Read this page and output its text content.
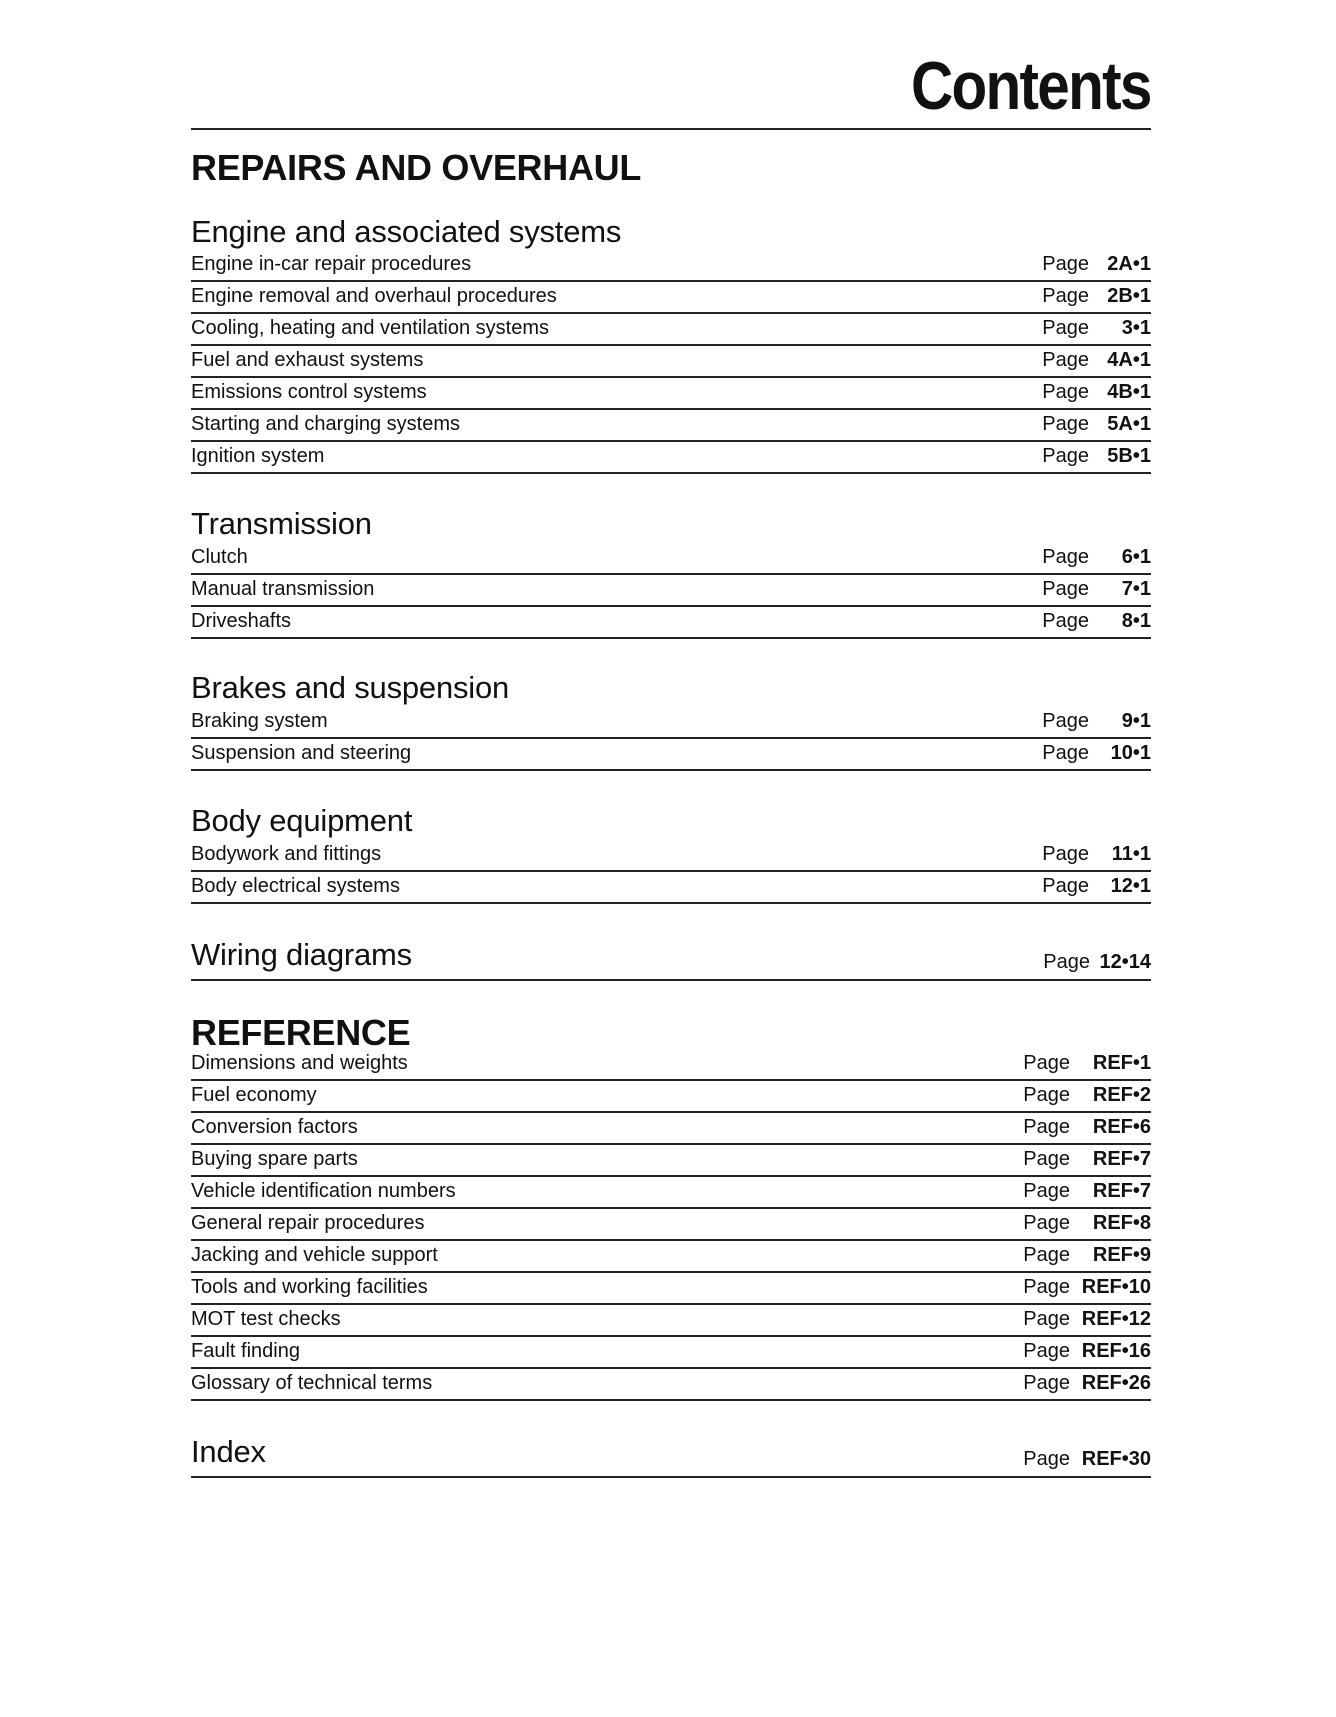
Contents
REPAIRS AND OVERHAUL
Engine and associated systems
Engine in-car repair procedures	Page 2A•1
Engine removal and overhaul procedures	Page 2B•1
Cooling, heating and ventilation systems	Page 3•1
Fuel and exhaust systems	Page 4A•1
Emissions control systems	Page 4B•1
Starting and charging systems	Page 5A•1
Ignition system	Page 5B•1
Transmission
Clutch	Page 6•1
Manual transmission	Page 7•1
Driveshafts	Page 8•1
Brakes and suspension
Braking system	Page 9•1
Suspension and steering	Page 10•1
Body equipment
Bodywork and fittings	Page 11•1
Body electrical systems	Page 12•1
Wiring diagrams	Page 12•14
REFERENCE
Dimensions and weights	Page REF•1
Fuel economy	Page REF•2
Conversion factors	Page REF•6
Buying spare parts	Page REF•7
Vehicle identification numbers	Page REF•7
General repair procedures	Page REF•8
Jacking and vehicle support	Page REF•9
Tools and working facilities	Page REF•10
MOT test checks	Page REF•12
Fault finding	Page REF•16
Glossary of technical terms	Page REF•26
Index	Page REF•30
